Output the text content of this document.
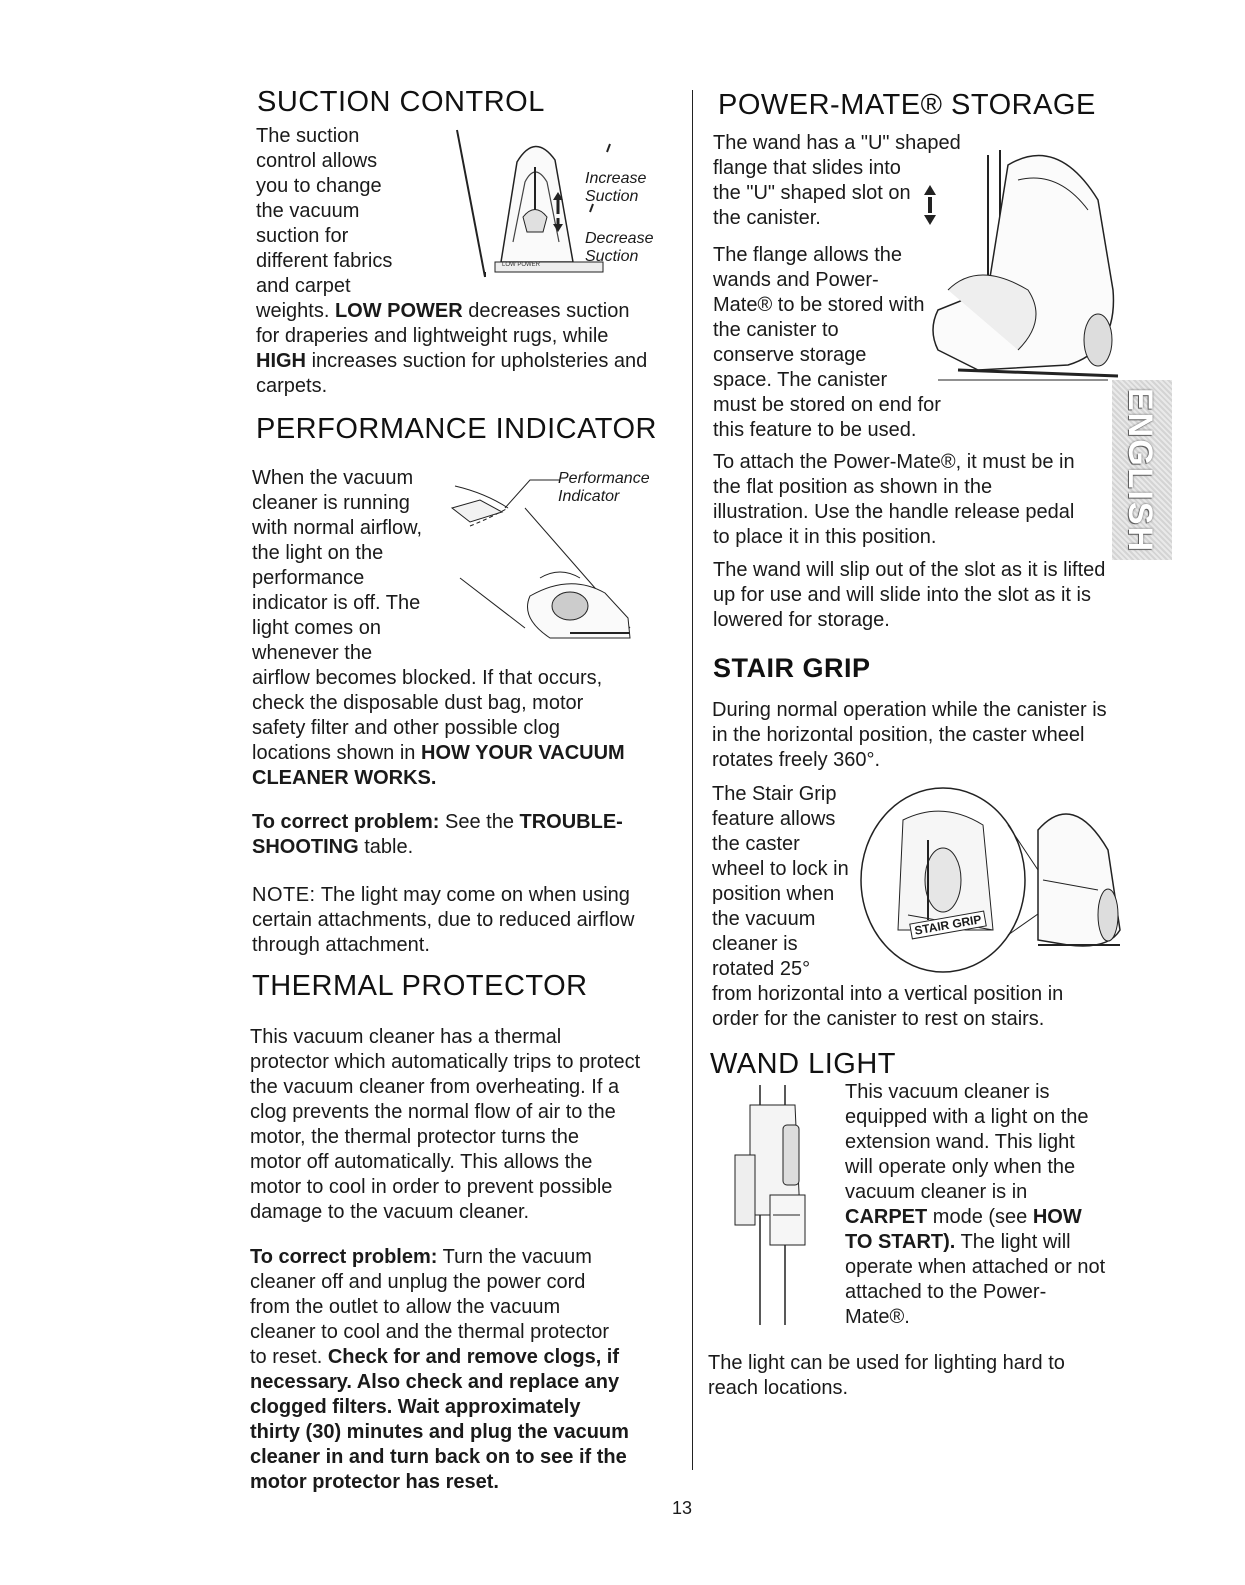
SUCTION CONTROL
The suction
control allows
you to change
the vacuum
suction for
different fabrics
and carpet
weights. LOW POWER decreases suction
for draperies and lightweight rugs, while
HIGH increases suction for upholsteries and
carpets.
Increase
Suction
Decrease
Suction
LOW POWER
PERFORMANCE INDICATOR
When the vacuum
cleaner is running
with normal airflow,
the light on the
performance
indicator is off. The
light comes on
whenever the
airflow becomes blocked. If that occurs,
check the disposable dust bag, motor
safety filter and other possible clog
locations shown in HOW YOUR VACUUM
CLEANER WORKS.
Performance
Indicator
To correct problem: See the TROUBLE-
SHOOTING table.
NOTE: The light may come on when using
certain attachments, due to reduced airflow
through attachment.
THERMAL PROTECTOR
This vacuum cleaner has a thermal
protector which automatically trips to protect
the vacuum cleaner from overheating. If a
clog prevents the normal flow of air to the
motor, the thermal protector turns the
motor off automatically. This allows the
motor to cool in order to prevent possible
damage to the vacuum cleaner.
To correct problem: Turn the vacuum
cleaner off and unplug the power cord
from the outlet to allow the vacuum
cleaner to cool and the thermal protector
to reset. Check for and remove clogs, if
necessary. Also check and replace any
clogged filters. Wait approximately
thirty (30) minutes and plug the vacuum
cleaner in and turn back on to see if the
motor protector has reset.
POWER-MATE® STORAGE
The wand has a "U" shaped
flange that slides into
the "U" shaped slot on
the canister.
The flange allows the
wands and Power-
Mate® to be stored with
the canister to
conserve storage
space. The canister
must be stored on end for
this feature to be used.	ENGLISH
To attach the Power-Mate®, it must be in
the flat position as shown in the
illustration. Use the handle release pedal
to place it in this position.
The wand will slip out of the slot as it is lifted
up for use and will slide into the slot as it is
lowered for storage.
STAIR GRIP
During normal operation while the canister is
in the horizontal position, the caster wheel
rotates freely 360°.
The Stair Grip
feature allows
the caster
wheel to lock in
position when
the vacuum
cleaner is
rotated 25°
from horizontal into a vertical position in
order for the canister to rest on stairs.
STAIR GRIP
WAND LIGHT
This vacuum cleaner is
equipped with a light on the
extension wand. This light
will operate only when the
vacuum cleaner is in
CARPET mode (see HOW
TO START). The light will
operate when attached or not
attached to the Power-
Mate®.
The light can be used for lighting hard to
reach locations.
13
